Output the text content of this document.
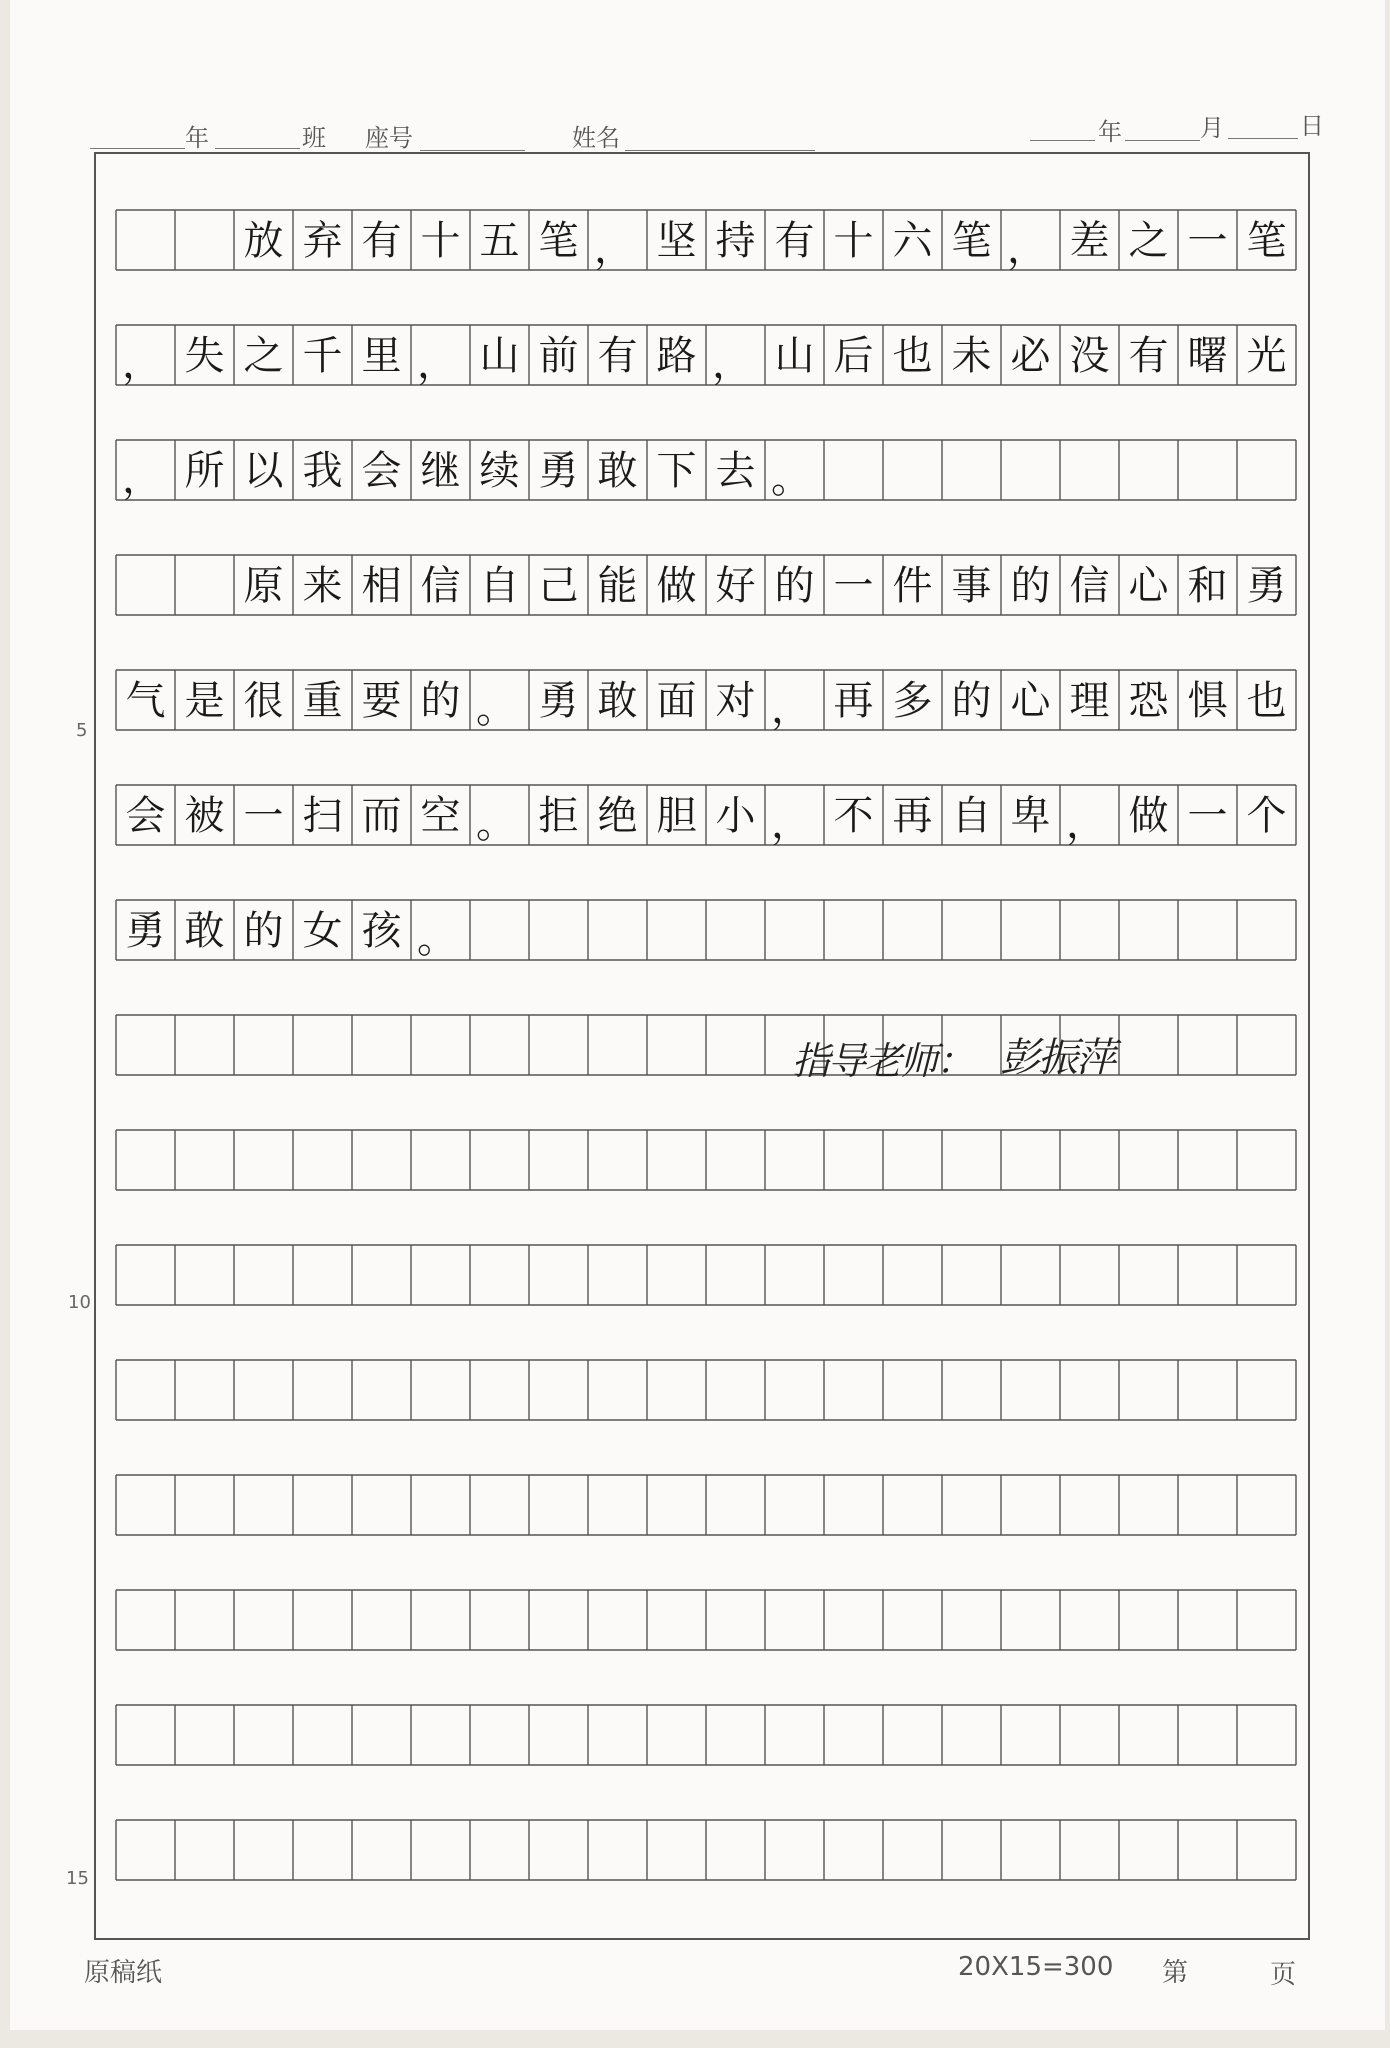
年	班 座号	姓名	年	月	日
放 弃 有 十 五 笔 ， 坚 持 有 十 六 笔 ， 差 之 一 笔
， 失 之 千 里 ， 山 前 有 路 ， 山 后 也 未 必 没 有 曙 光
， 所 以 我 会 继 续 勇 敢 下 去 。
原 来 相 信 自 己 能 做 好 的 一 件 事 的 信 心 和 勇
气 是 很 重 要 的 。 勇 敢 面 对 ， 再 多 的 心 理 恐 惧 也
会 被 一 扫 而 空 。 拒 绝 胆 小 ， 不 再 自 卑 ， 做 一 个
勇 敢 的 女 孩 。
5
10
15
指导老师： 彭振萍
原稿纸	20X15=300 第	页
